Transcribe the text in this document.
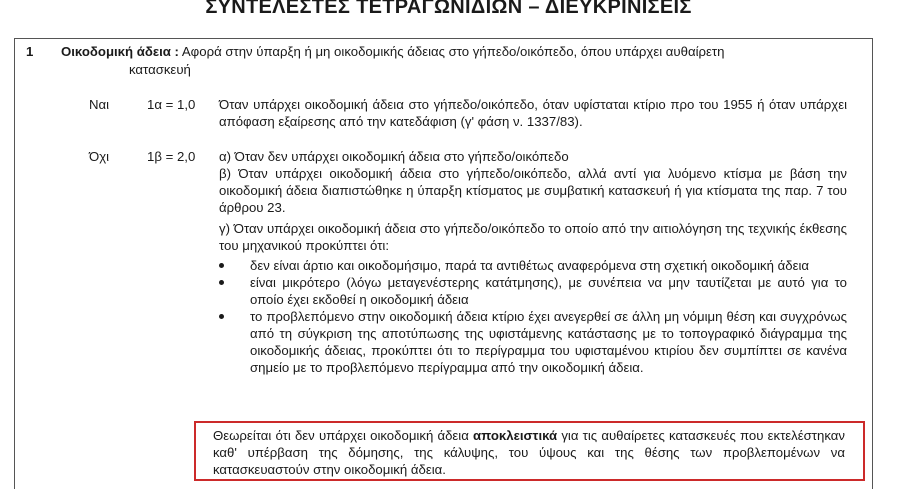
ΣΥΝΤΕΛΕΣΤΕΣ ΤΕΤΡΑΓΩΝΙΔΙΩΝ – ΔΙΕΥΚΡΙΝΙΣΕΙΣ
1 Οικοδομική άδεια : Αφορά στην ύπαρξη ή μη οικοδομικής άδειας στο γήπεδο/οικόπεδο, όπου υπάρχει αυθαίρετη
κατασκευή
Ναι	1α = 1,0 Όταν υπάρχει οικοδομική άδεια στο γήπεδο/οικόπεδο, όταν υφίσταται κτίριο προ του 1955 ή όταν υπάρχει απόφαση εξαίρεσης από την κατεδάφιση (γ' φάση ν. 1337/83).
Όχι	1β = 2,0 α) Όταν δεν υπάρχει οικοδομική άδεια στο γήπεδο/οικόπεδο
β) Όταν υπάρχει οικοδομική άδεια στο γήπεδο/οικόπεδο, αλλά αντί για λυόμενο κτίσμα με βάση την οικοδομική άδεια διαπιστώθηκε η ύπαρξη κτίσματος με συμβατική κατασκευή ή για κτίσματα της παρ. 7 του άρθρου 23.
γ) Όταν υπάρχει οικοδομική άδεια στο γήπεδο/οικόπεδο το οποίο από την αιτιολόγηση της τεχνικής έκθεσης του μηχανικού προκύπτει ότι:
δεν είναι άρτιο και οικοδομήσιμο, παρά τα αντιθέτως αναφερόμενα στη σχετική οικοδομική άδεια
είναι μικρότερο (λόγω μεταγενέστερης κατάτμησης), με συνέπεια να μην ταυτίζεται με αυτό για το οποίο έχει εκδοθεί η οικοδομική άδεια
το προβλεπόμενο στην οικοδομική άδεια κτίριο έχει ανεγερθεί σε άλλη μη νόμιμη θέση και συγχρόνως από τη σύγκριση της αποτύπωσης της υφιστάμενης κατάστασης με το τοπογραφικό διάγραμμα της οικοδομικής άδειας, προκύπτει ότι το περίγραμμα του υφισταμένου κτιρίου δεν συμπίπτει σε κανένα σημείο με το προβλεπόμενο περίγραμμα από την οικοδομική άδεια.
Θεωρείται ότι δεν υπάρχει οικοδομική άδεια αποκλειστικά για τις αυθαίρετες κατασκευές που εκτελέστηκαν καθ' υπέρβαση της δόμησης, της κάλυψης, του ύψους και της θέσης των προβλεπομένων να κατασκευαστούν στην οικοδομική άδεια.
